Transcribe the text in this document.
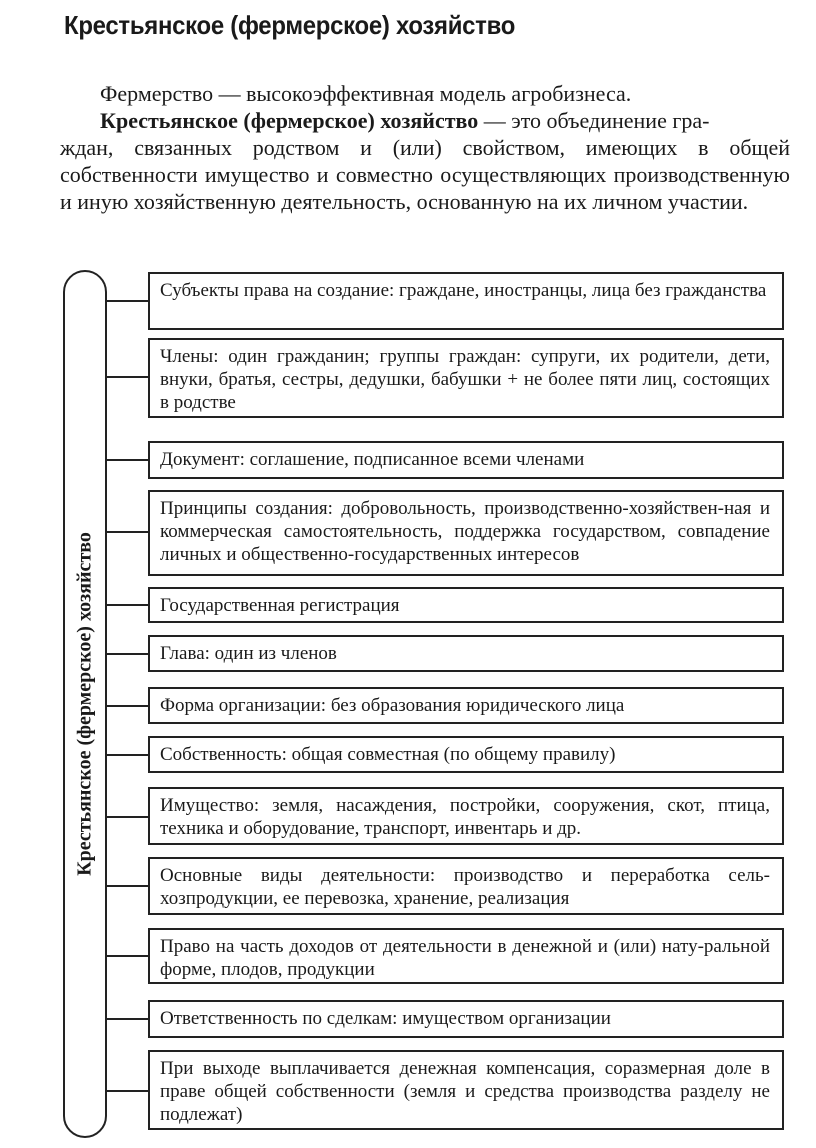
Крестьянское (фермерское) хозяйство
Фермерство — высокоэффективная модель агробизнеса.
Крестьянское (фермерское) хозяйство — это объединение гра-
ждан, связанных родством и (или) свойством, имеющих в общей собственности имущество и совместно осуществляющих производственную и иную хозяйственную деятельность, основанную на их личном участии.
Крестьянское (фермерское) хозяйство
Субъекты права на создание: граждане, иностранцы, лица без гражданства
Члены: один гражданин; группы граждан: супруги, их родители, дети, внуки, братья, сестры, дедушки, бабушки + не более пяти лиц, состоящих в родстве
Документ: соглашение, подписанное всеми членами
Принципы создания: добровольность, производственно-хозяйствен-ная и коммерческая самостоятельность, поддержка государством, совпадение личных и общественно-государственных интересов
Государственная регистрация
Глава: один из членов
Форма организации: без образования юридического лица
Собственность: общая совместная (по общему правилу)
Имущество: земля, насаждения, постройки, сооружения, скот, птица, техника и оборудование, транспорт, инвентарь и др.
Основные виды деятельности: производство и переработка сель-хозпродукции, ее перевозка, хранение, реализация
Право на часть доходов от деятельности в денежной и (или) нату-ральной форме, плодов, продукции
Ответственность по сделкам: имуществом организации
При выходе выплачивается денежная компенсация, соразмерная доле в праве общей собственности (земля и средства производства разделу не подлежат)
